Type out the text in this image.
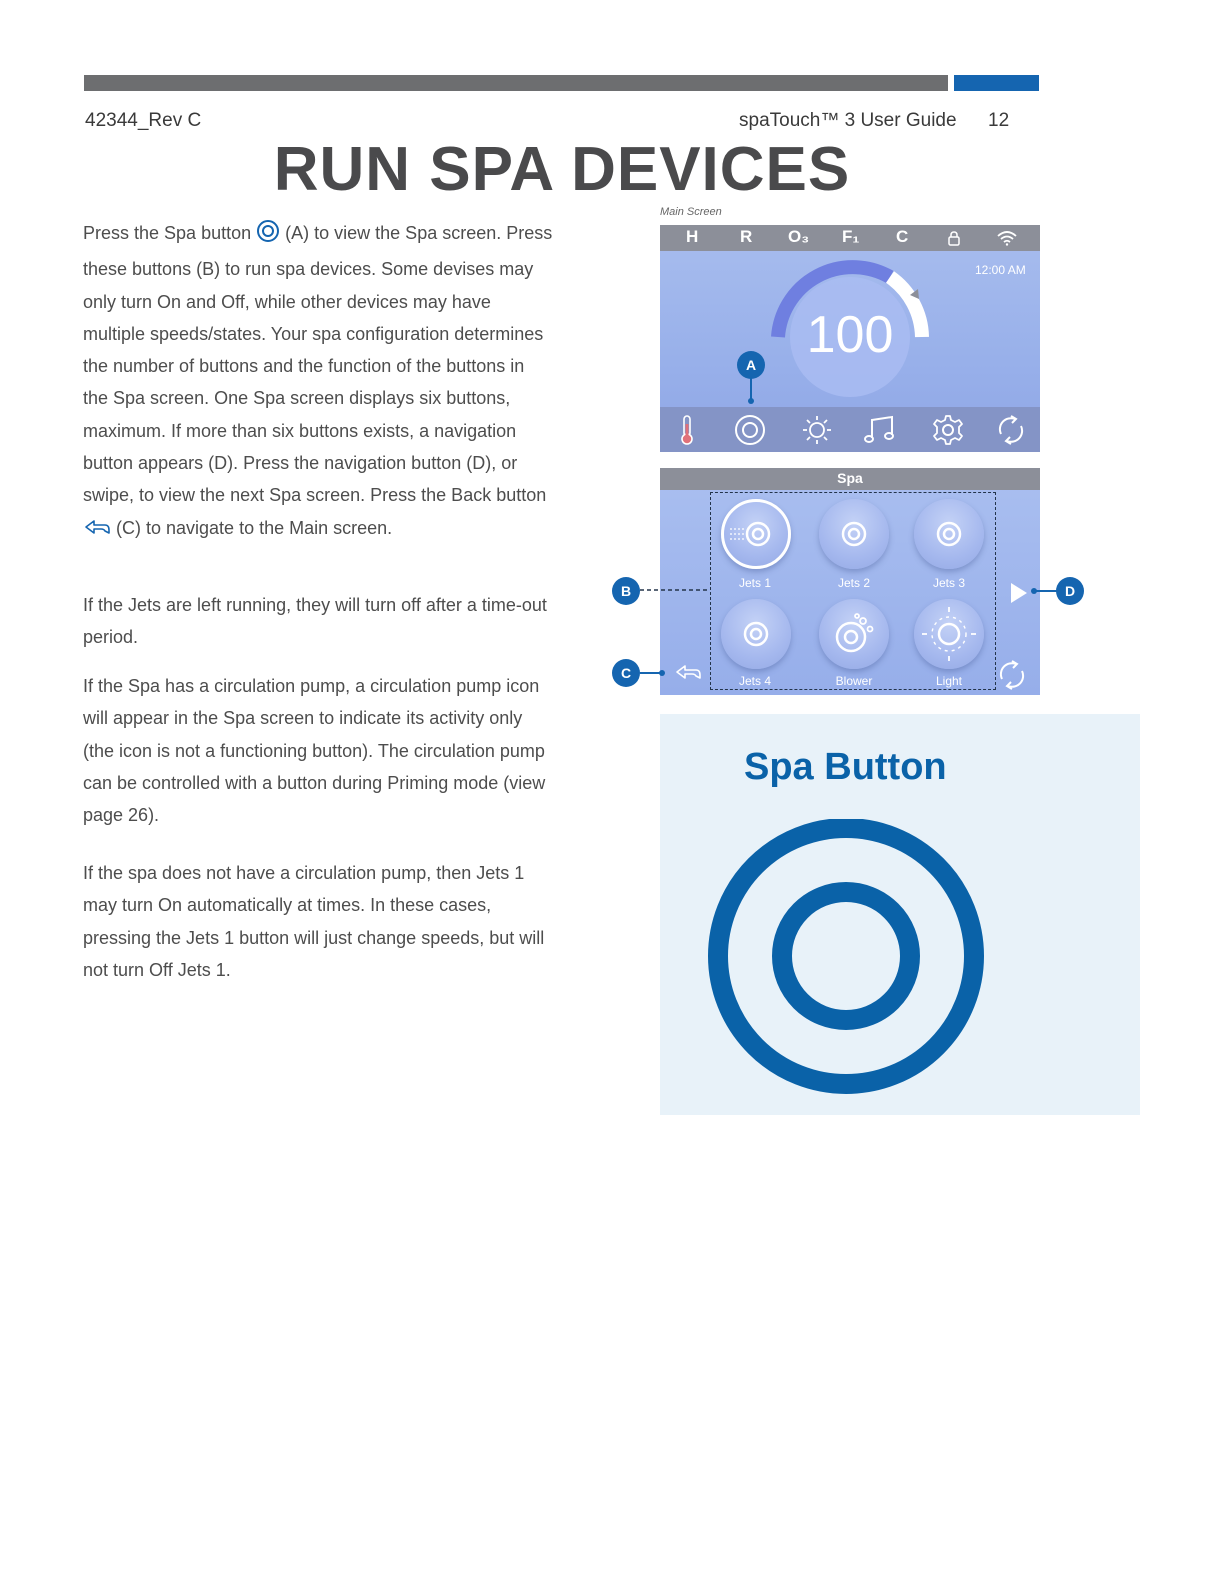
42344_Rev C	spaTouch™ 3 User Guide 12
RUN SPA DEVICES
Press the Spa button (A) to view the Spa screen. Press these buttons (B) to run spa devices. Some devises may only turn On and Off, while other devices may have multiple speeds/states. Your spa configuration determines the number of buttons and the function of the buttons in the Spa screen. One Spa screen displays six buttons, maximum. If more than six buttons exists, a navigation button appears (D). Press the navigation button (D), or swipe, to view the next Spa screen. Press the Back button  (C) to navigate to the Main screen.
If the Jets are left running, they will turn off after a time-out period.
If the Spa has a circulation pump, a circulation pump icon will appear in the Spa screen to indicate its activity only (the icon is not a functioning button). The circulation pump can be controlled with a button during Priming mode (view page 26).
If the spa does not have a circulation pump, then Jets 1 may turn On automatically at times. In these cases, pressing the Jets 1 button will just change speeds, but will not turn Off Jets 1.
Main Screen
H R O₃ F₁ C
12:00 AM
100
Spa
Jets 1	Jets 2	Jets 3
Jets 4	Blower	Light
A
B
C
D
Spa Button
